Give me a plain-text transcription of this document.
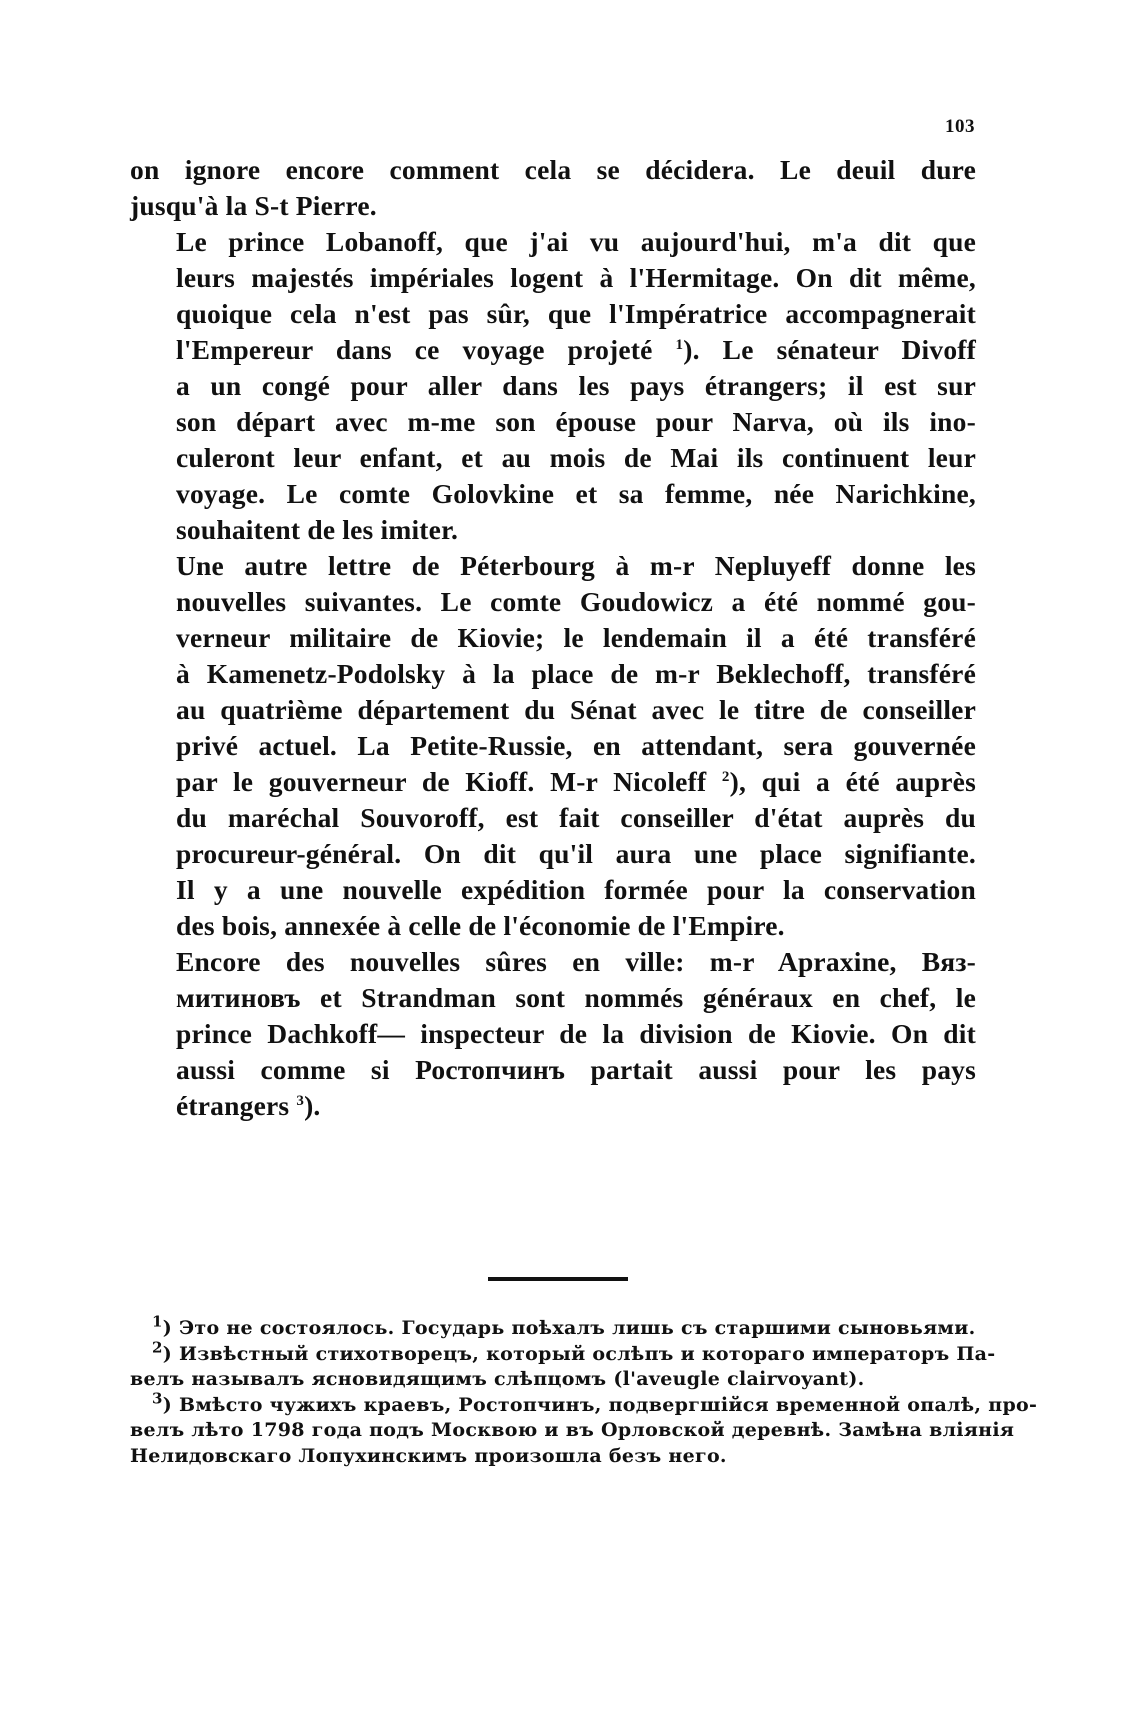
103

on ignore encore comment cela se décidera. Le deuil dure
jusqu'à la S-t Pierre.

Le prince Lobanoff, que j'ai vu aujourd'hui, m'a dit que
leurs majestés impériales logent à l'Hermitage. On dit même,
quoique cela n'est pas sûr, que l'Impératrice accompagnerait
l'Empereur dans ce voyage projeté $^1$). Le sénateur Divoff
a un congé pour aller dans les pays étrangers; il est sur
son départ avec m-me son épouse pour Narva, où ils ino-
culeront leur enfant, et au mois de Mai ils continuent leur
voyage. Le comte Golovkine et sa femme, née Narichkine,
souhaitent de les imiter.

Une autre lettre de Péterbourg à m-r Nepluyeff donne les
nouvelles suivantes. Le comte Goudowicz a été nommé gou-
verneur militaire de Kiovie; le lendemain il a été transféré
à Kamenetz-Podolsky à la place de m-r Beklechoff, transféré
au quatrième département du Sénat avec le titre de conseiller
privé actuel. La Petite-Russie, en attendant, sera gouvernée
par le gouverneur de Kioff. M-r Nicoleff $^2$), qui a été auprès
du maréchal Souvoroff, est fait conseiller d'état auprès du
procureur-général. On dit qu'il aura une place signifiante.
Il y a une nouvelle expédition formée pour la conservation
des bois, annexée à celle de l'économie de l'Empire.

Encore des nouvelles sûres en ville: m-r Apraxine, Вяз-
митиновъ et Strandman sont nommés généraux en chef, le
prince Dachkoff— inspecteur de la division de Kiovie. On dit
aussi comme si Ростопчинъ partait aussi pour les pays
étrangers $^3$).

$^1$) Это не состоялось. Государь поѣхалъ лишь съ старшими сыновьями.
$^2$) Извѣстный стихотворецъ, который ослѣпъ и котораго императоръ Па-
велъ называлъ ясновидящимъ слѣпцомъ (l'aveugle clairvoyant).
$^3$) Вмѣсто чужихъ краевъ, Ростопчинъ, подвергшійся временной опалѣ, про-
велъ лѣто 1798 года подъ Москвою и въ Орловской деревнѣ. Замѣна вліянія
Нелидовскаго Лопухинскимъ произошла безъ него.
